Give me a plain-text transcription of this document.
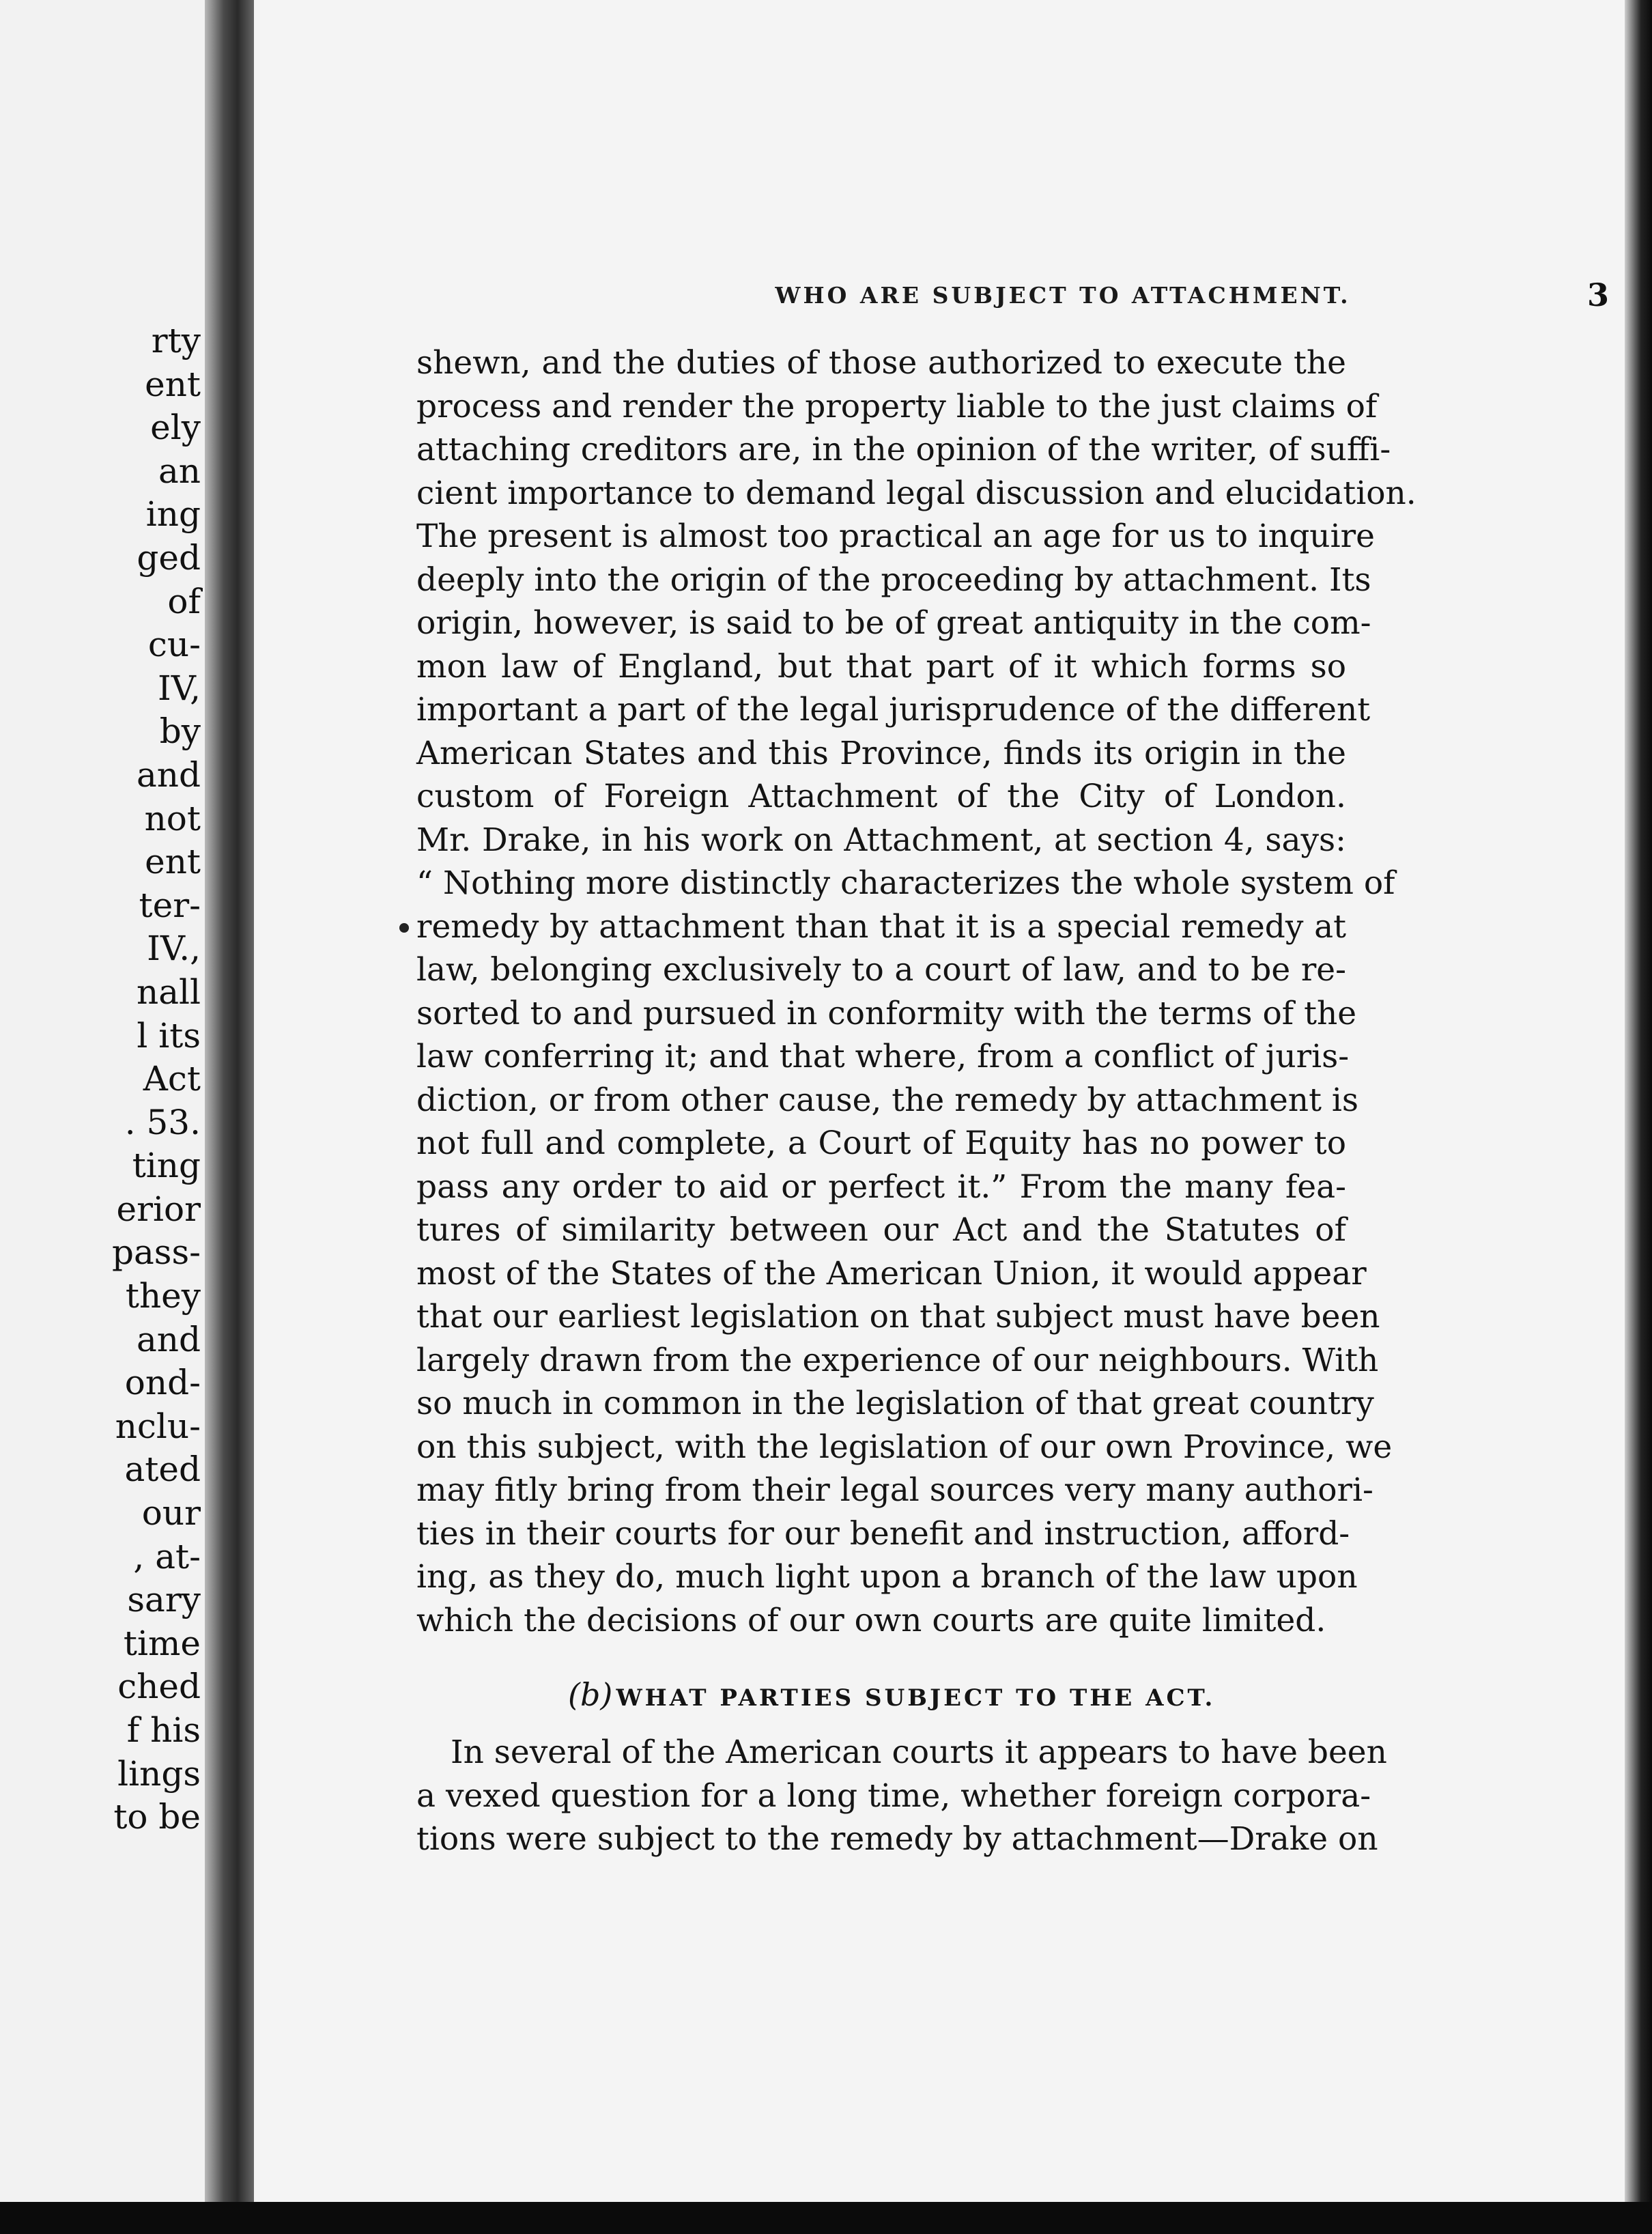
rty
ent
ely
an
ing
ged
of
cu-
IV,
by
and
not
ent
ter-
IV.,
nall
l its
Act
. 53.
ting
erior
pass-
they
and
ond-
nclu-
ated
our
, at-
sary
time
ched
f his
lings
to be
WHO ARE SUBJECT TO ATTACHMENT.	3
shewn, and the duties of those authorized to execute the
process and render the property liable to the just claims of
attaching creditors are, in the opinion of the writer, of suffi-
cient importance to demand legal discussion and elucidation.
The present is almost too practical an age for us to inquire
deeply into the origin of the proceeding by attachment. Its
origin, however, is said to be of great antiquity in the com-
mon law of England, but that part of it which forms so
important a part of the legal jurisprudence of the different
American States and this Province, finds its origin in the
custom of Foreign Attachment of the City of London.
Mr. Drake, in his work on Attachment, at section 4, says:
“ Nothing more distinctly characterizes the whole system of
remedy by attachment than that it is a special remedy at
law, belonging exclusively to a court of law, and to be re-
sorted to and pursued in conformity with the terms of the
law conferring it; and that where, from a conflict of juris-
diction, or from other cause, the remedy by attachment is
not full and complete, a Court of Equity has no power to
pass any order to aid or perfect it.” From the many fea-
tures of similarity between our Act and the Statutes of
most of the States of the American Union, it would appear
that our earliest legislation on that subject must have been
largely drawn from the experience of our neighbours. With
so much in common in the legislation of that great country
on this subject, with the legislation of our own Province, we
may fitly bring from their legal sources very many authori-
ties in their courts for our benefit and instruction, afford-
ing, as they do, much light upon a branch of the law upon
which the decisions of our own courts are quite limited.
(b) WHAT PARTIES SUBJECT TO THE ACT.
In several of the American courts it appears to have been
a vexed question for a long time, whether foreign corpora-
tions were subject to the remedy by attachment—Drake on
